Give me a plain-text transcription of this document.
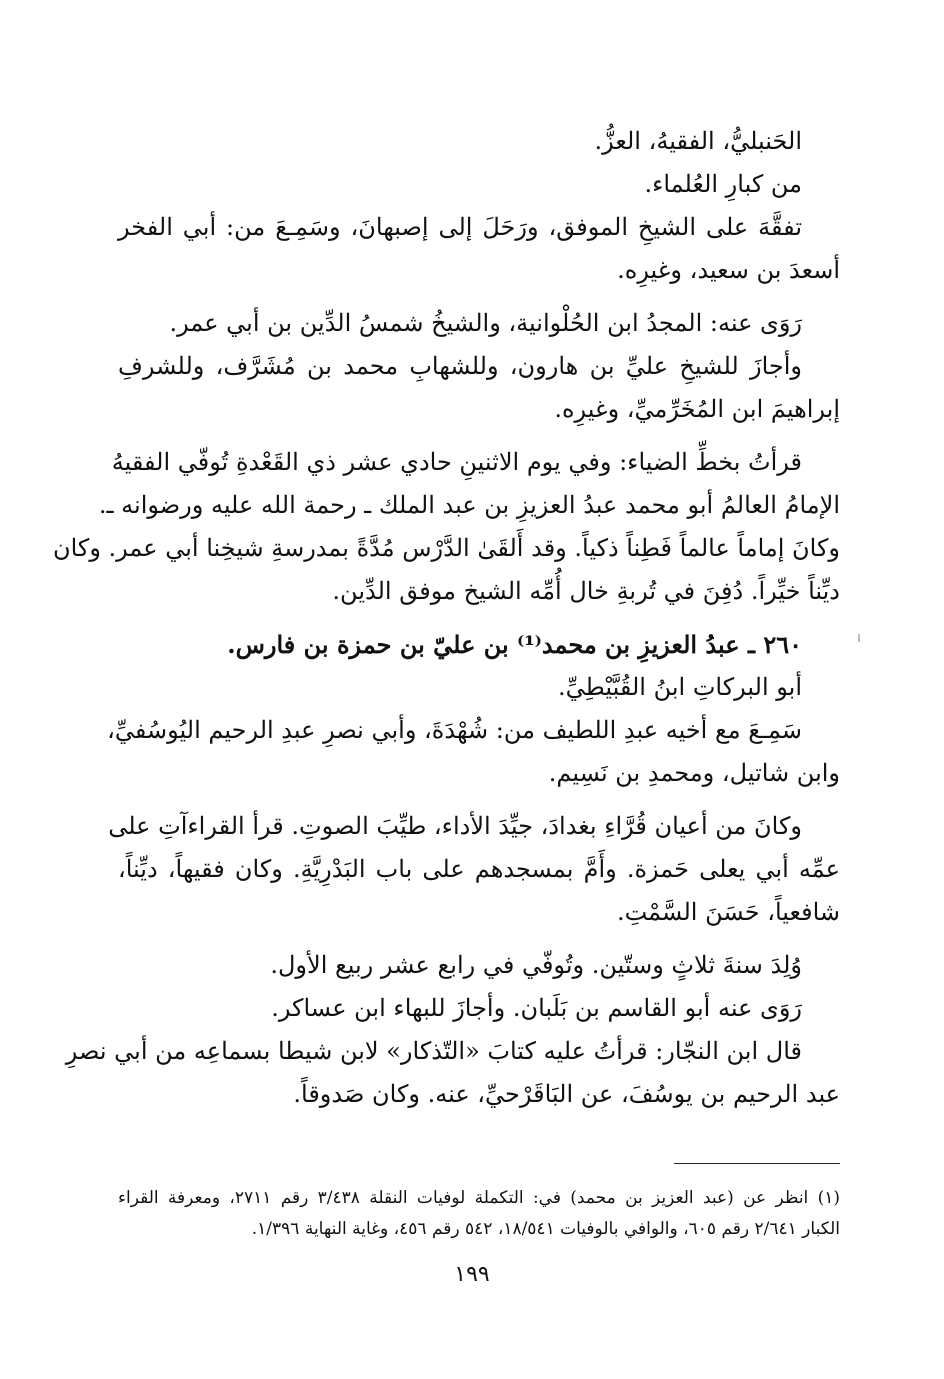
الحَنبليُّ، الفقيهُ، العزُّ.
من كبارِ العُلماء.
تفقَّهَ على الشيخِ الموفق، ورَحَلَ إلى إصبهانَ، وسَمِـعَ من: أبي الفخر
أسعدَ بن سعيد، وغيرِه.
رَوَى عنه: المجدُ ابن الحُلْوانية، والشيخُ شمسُ الدِّين بن أبي عمر.
وأجازَ للشيخِ عليِّ بن هارون، وللشهابِ محمد بن مُشَرَّف، وللشرفِ
إبراهيمَ ابن المُخَرِّميِّ، وغيرِه.
قرأتُ بخطِّ الضياء: وفي يوم الاثنينِ حادي عشر ذي القَعْدةِ تُوفّي الفقيهُ
الإمامُ العالمُ أبو محمد عبدُ العزيزِ بن عبد الملك ـ رحمة الله عليه ورضوانه ـ.
وكانَ إماماً عالماً فَطِناً ذكياً. وقد أَلقَىٰ الدَّرْس مُدَّةً بمدرسةِ شيخِنا أبي عمر. وكان
ديِّناً خيِّراً. دُفِنَ في تُربةِ خال أُمِّه الشيخ موفق الدِّين.
٢٦٠ ـ عبدُ العزيزِ بن محمد⁽¹⁾ بن عليّ بن حمزة بن فارس.
أبو البركاتِ ابنُ القُبَّيْطِيِّ.
سَمِـعَ مع أخيه عبدِ اللطيف من: شُهْدَةَ، وأبي نصرِ عبدِ الرحيم اليُوسُفيِّ،
وابن شاتيل، ومحمدِ بن نَسِيم.
وكانَ من أعيان قُرَّاءِ بغدادَ، جيِّدَ الأداء، طيِّبَ الصوتِ. قرأ القراءآتِ على
عمِّه أبي يعلى حَمزة. وأَمَّ بمسجدهم على باب البَدْرِيَّةِ. وكان فقيهاً، ديِّناً،
شافعياً، حَسَنَ السَّمْتِ.
وُلِدَ سنةَ ثلاثٍ وستّين. وتُوفّي في رابع عشر ربيع الأول.
رَوَى عنه أبو القاسم بن بَلَبان. وأجازَ للبهاء ابن عساكر.
قال ابن النجّار: قرأتُ عليه كتابَ «التّذكار» لابن شيطا بسماعِه من أبي نصرِ
عبد الرحيم بن يوسُفَ، عن البَاقَرْحيِّ، عنه. وكان صَدوقاً.
(١) انظر عن (عبد العزيز بن محمد) في: التكملة لوفيات النقلة ٣/٤٣٨ رقم ٢٧١١، ومعرفة القراء
الكبار ٢/٦٤١ رقم ٦٠٥، والوافي بالوفيات ١٨/٥٤١، ٥٤٢ رقم ٤٥٦، وغاية النهاية ١/٣٩٦.
١٩٩
